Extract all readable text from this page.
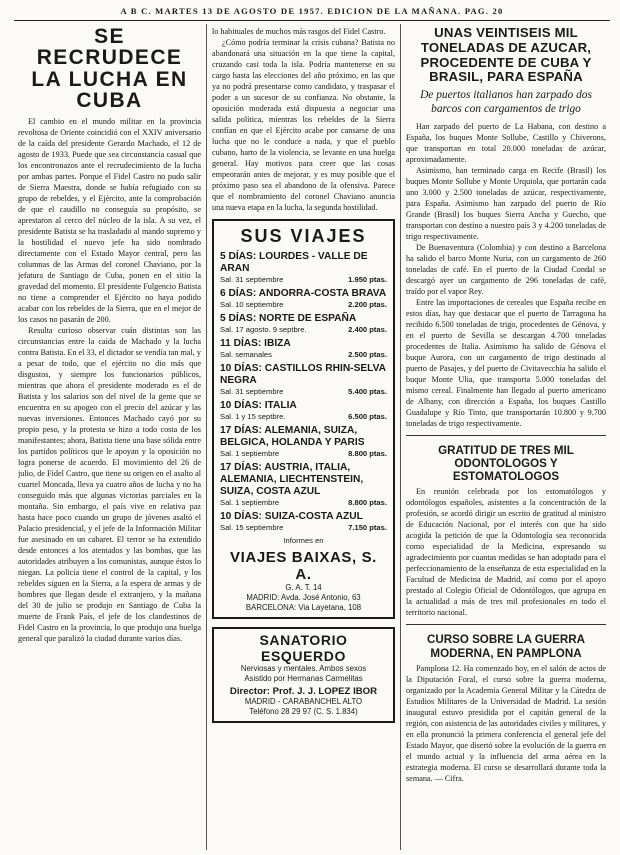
A B C. MARTES 13 DE AGOSTO DE 1957. EDICION DE LA MAÑANA. PAG. 20
SE RECRUDECE LA LUCHA EN CUBA

El cambio en el mundo militar en la provincia revoltosa de Oriente coincidió con el XXIV aniversario de la caída del presidente Gerardo Machado, el 12 de agosto de 1933. Puede que sea circunstancia casual que los encontronazos ante el recrudecimiento de la lucha por ambas partes. Porque el Fidel Castro no pudo salir de Sierra Maestra, donde se había refugiado con su grupo de rebeldes, y el Ejército, ante la comprobación de que el caudillo no conseguía su propósito, se aprestaron al cerco del núcleo de la isla. A su vez, el presidente Batista se ha trasladado al mando supremo y la hostilidad el nuevo jefe ha sido nombrado directamente con el Estado Mayor central, pero las columnas de las Armas del coronel Chaviano, por la jefatura de Santiago de Cuba, ponen en el sitio la gravedad del momento. El presidente Fulgencio Batista no tiene a comprender el Ejército no haya podido acabar con los rebeldes de la Sierra, que en el mejor de los casos no pasarán de 200.

Resulta curioso observar cuán distintas son las circunstancias entre la caída de Machado y la lucha contra Batista. En el 33, el dictador se vendía tan mal, y a pesar de todo, que el ejército no dio más que disgustos, y siempre los funcionarios públicos, mientras que ahora el presidente moderado es el de Batista y los salarios son del nivel de la gente que se encuentra en su apogeo con el precio del azúcar y las nuevas inversiones. Entonces Machado cayó por su propio peso, y la protesta se hizo a todo costa de los manifestantes; ahora, Batista tiene una base sólida entre los partidos políticos que le apoyan y la oposición no logra ponerse de acuerdo. El movimiento del 26 de julio, de Fidel Castro, que tiene su origen en el asalto al cuartel Moncada, lleva ya cuatro años de lucha y no ha conseguido más que algunas victorias parciales en la montaña. Sin embargo, el país vive en relativa paz hasta hace poco cuando un grupo de jóvenes asaltó el Palacio presidencial, y el jefe de la Información Militar fue asesinado en un cabaret. El terror se ha extendido desde entonces a los atentados y las bombas, que las autoridades atribuyen a los comunistas, aunque éstos lo niegan. La policía tiene el control de la capital, y los rebeldes siguen en la Sierra, a la espera de armas y de hombres que llegan desde el extranjero, y la mañana del 30 de julio se produjo en Santiago de Cuba la muerte de Frank País, el jefe de los clandestinos de Fidel Castro en la provincia, lo que produjo una huelga general que paralizó la ciudad durante varios días.

lo habituales de muchos más rasgos del Fidel Castro.

¿Cómo podría terminar la crisis cubana? Batista no abandonará una situación en la que tiene la capital, cruzando casi toda la isla. Podría mantenerse en su cargo hasta las elecciones del año próximo, en las que ya no podrá presentarse como candidato, y traspasar el poder a un sucesor de su confianza. No obstante, la oposición moderada está dispuesta a negociar una salida política, mientras los rebeldes de la Sierra confían en que el Ejército acabe por cansarse de una lucha que no le conduce a nada, y que el pueblo cubano, harto de la violencia, se levante en una huelga general. Hay motivos para creer que las cosas empeorarán antes de mejorar, y es muy posible que el próximo paso sea el abandono de la ofensiva. Parece que el nombramiento del coronel Chaviano anuncia una nueva etapa en la lucha, la segunda hostilidad.

SUS VIAJES
5 DÍAS: LOURDES - VALLE DE ARAN
Sal. 31 septiembre	1.950 ptas.
6 DÍAS: ANDORRA-COSTA BRAVA
Sal. 10 septiembre	2.200 ptas.
5 DÍAS: NORTE DE ESPAÑA
Sal. 17 agosto. 9 septbre.	2.400 ptas.
11 DÍAS: IBIZA
Sal. semanales	2.500 ptas.
10 DÍAS: CASTILLOS RHIN-SELVA NEGRA
Sal. 31 septiembre	5.400 ptas.
10 DÍAS: ITALIA
Sal. 1 y 15 septbre.	6.500 ptas.
17 DÍAS: ALEMANIA, SUIZA, BELGICA, HOLANDA Y PARIS
Sal. 1 septiembre	8.800 ptas.
17 DÍAS: AUSTRIA, ITALIA, ALEMANIA, LIECHTENSTEIN, SUIZA, COSTA AZUL
Sal. 1 septiembre	8.800 ptas.
10 DÍAS: SUIZA-COSTA AZUL
Sal. 15 septiembre	7.150 ptas.
Informes en
VIAJES BAIXAS, S. A.
G. A. T. 14
MADRID: Avda. José Antonio, 63
BARCELONA: Via Layetana, 108
SANATORIO ESQUERDO
Nerviosas y mentales. Ambos sexos
Asistido por Hermanas Carmelitas
Director: Prof. J. J. LOPEZ IBOR
MADRID - CARABANCHEL ALTO
Teléfono 28 29 97 (C. S. 1.834)
UNAS VEINTISEIS MIL TONELADAS DE AZUCAR, PROCEDENTE DE CUBA Y BRASIL, PARA ESPAÑA
De puertos italianos han zarpado dos barcos con cargamentos de trigo

Han zarpado del puerto de La Habana, con destino a España, los buques Monte Sollube, Castillo y Chiverons, que transportan en total 20.000 toneladas de azúcar, aproximadamente.

Asimismo, han terminado carga en Recife (Brasil) los buques Monte Sollube y Monte Urquiola, que portarán cada uno 3.000 y 2.500 toneladas de azúcar, respectivamente, para España. Asimismo han zarpado del puerto de Río Grande (Brasil) los buques Sierra Ancha y Guecho, que transportan con destino a nuestro país 3 y 4.200 toneladas de trigo respectivamente.

De Buenaventura (Colombia) y con destino a Barcelona ha salido el barco Monte Nuria, con un cargamento de 260 toneladas de café. En el puerto de la Ciudad Condal se descargó ayer un cargamento de 296 toneladas de café, traído por el vapor Rey.

Entre las importaciones de cereales que España recibe en estos días, hay que destacar que el puerto de Tarragona ha recibido 6.500 toneladas de trigo, procedentes de Génova, y en el puerto de Sevilla se descargan 4.700 toneladas procedentes de Italia. Asimismo ha salido de Génova el buque Aurora, con un cargamento de trigo destinado al puerto de Pasajes, y del puerto de Civitavecchia ha salido el buque Monte Ulia, que transporta 5.000 toneladas del mismo cereal. Finalmente han llegado al puerto americano de Albany, con dirección a España, los buques Castillo Guadalupe y Río Tinto, que transportarán 10.800 y 9.700 toneladas de trigo respectivamente.

GRATITUD DE TRES MIL ODONTOLOGOS Y ESTOMATOLOGOS

En reunión celebrada por los estomatólogos y odontólogos españoles, asistentes a la concentración de la profesión, se acordó dirigir un escrito de gratitud al ministro de Educación Nacional, por el interés con que ha sido acogida la petición de que la Odontología sea reconocida como especialidad de la Medicina, expresando su agradecimiento por cuantas medidas se han adoptado para el perfeccionamiento de la enseñanza de esta especialidad en la Facultad de Medicina de Madrid, así como por el apoyo prestado al Colegio Oficial de Odontólogos, que agrupa en la actualidad a más de tres mil profesionales en todo el territorio nacional.

CURSO SOBRE LA GUERRA MODERNA, EN PAMPLONA

Pamplona 12. Ha comenzado hoy, en el salón de actos de la Diputación Foral, el curso sobre la guerra moderna, organizado por la Academia General Militar y la Cátedra de Estudios Militares de la Universidad de Madrid. La sesión inaugural estuvo presidida por el capitán general de la región, con asistencia de las autoridades civiles y militares, y en ella pronunció la primera conferencia el general jefe del Estado Mayor, que disertó sobre la evolución de la guerra en el mundo actual y la influencia del arma aérea en la estrategia moderna. El curso se desarrollará durante toda la semana. — Cifra.
